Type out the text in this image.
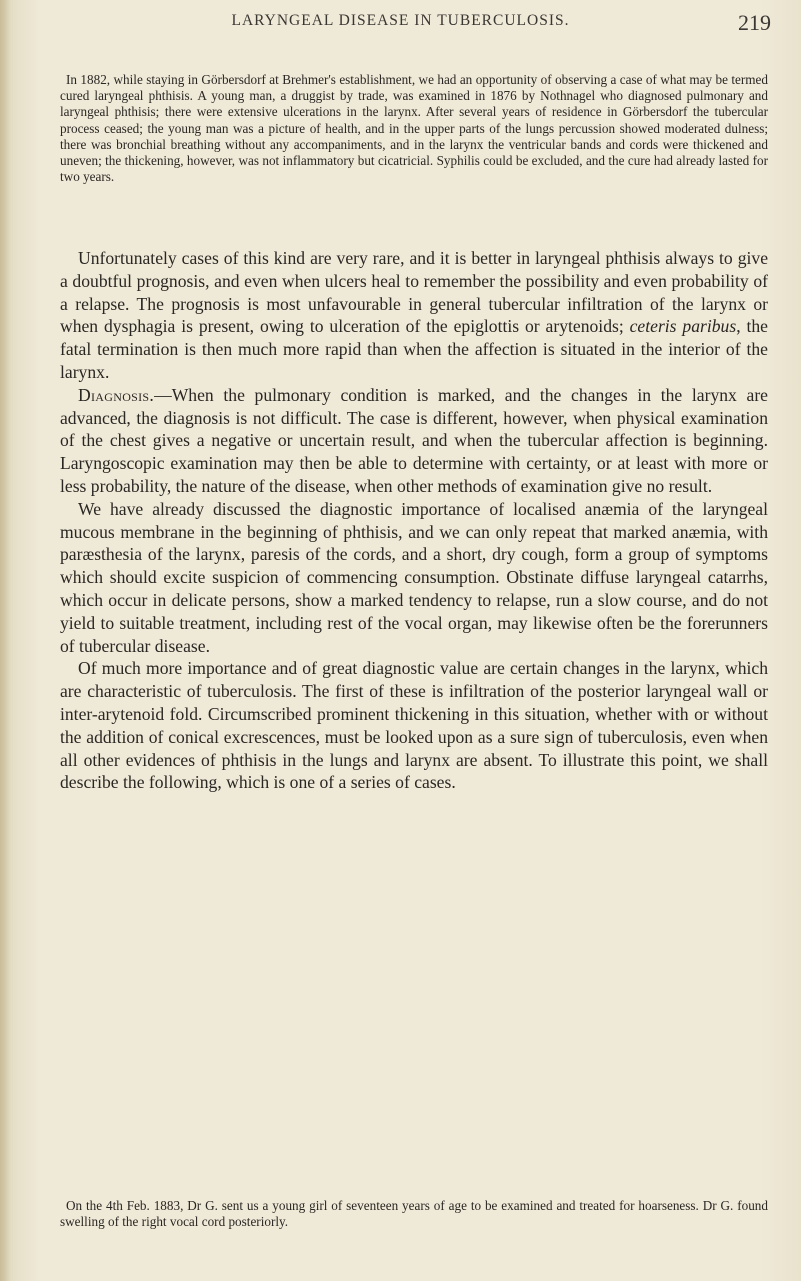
LARYNGEAL DISEASE IN TUBERCULOSIS.	219
In 1882, while staying in Görbersdorf at Brehmer's establishment, we had an opportunity of observing a case of what may be termed cured laryngeal phthisis. A young man, a druggist by trade, was examined in 1876 by Nothnagel who diagnosed pulmonary and laryngeal phthisis; there were extensive ulcerations in the larynx. After several years of residence in Görbersdorf the tubercular process ceased; the young man was a picture of health, and in the upper parts of the lungs percussion showed moderated dulness; there was bronchial breathing without any accompaniments, and in the larynx the ventricular bands and cords were thickened and uneven; the thickening, however, was not inflammatory but cicatricial. Syphilis could be excluded, and the cure had already lasted for two years.

Unfortunately cases of this kind are very rare, and it is better in laryngeal phthisis always to give a doubtful prognosis, and even when ulcers heal to remember the possibility and even probability of a relapse. The prognosis is most unfavourable in general tubercular infiltration of the larynx or when dysphagia is present, owing to ulceration of the epiglottis or arytenoids; ceteris paribus, the fatal termination is then much more rapid than when the affection is situated in the interior of the larynx.

Diagnosis.—When the pulmonary condition is marked, and the changes in the larynx are advanced, the diagnosis is not difficult. The case is different, however, when physical examination of the chest gives a negative or uncertain result, and when the tubercular affection is beginning. Laryngoscopic examination may then be able to determine with certainty, or at least with more or less probability, the nature of the disease, when other methods of examination give no result.

We have already discussed the diagnostic importance of localised anæmia of the laryngeal mucous membrane in the beginning of phthisis, and we can only repeat that marked anæmia, with paræsthesia of the larynx, paresis of the cords, and a short, dry cough, form a group of symptoms which should excite suspicion of commencing consumption. Obstinate diffuse laryngeal catarrhs, which occur in delicate persons, show a marked tendency to relapse, run a slow course, and do not yield to suitable treatment, including rest of the vocal organ, may likewise often be the forerunners of tubercular disease.

Of much more importance and of great diagnostic value are certain changes in the larynx, which are characteristic of tuberculosis. The first of these is infiltration of the posterior laryngeal wall or inter-arytenoid fold. Circumscribed prominent thickening in this situation, whether with or without the addition of conical excrescences, must be looked upon as a sure sign of tuberculosis, even when all other evidences of phthisis in the lungs and larynx are absent. To illustrate this point, we shall describe the following, which is one of a series of cases.

On the 4th Feb. 1883, Dr G. sent us a young girl of seventeen years of age to be examined and treated for hoarseness. Dr G. found swelling of the right vocal cord posteriorly.
